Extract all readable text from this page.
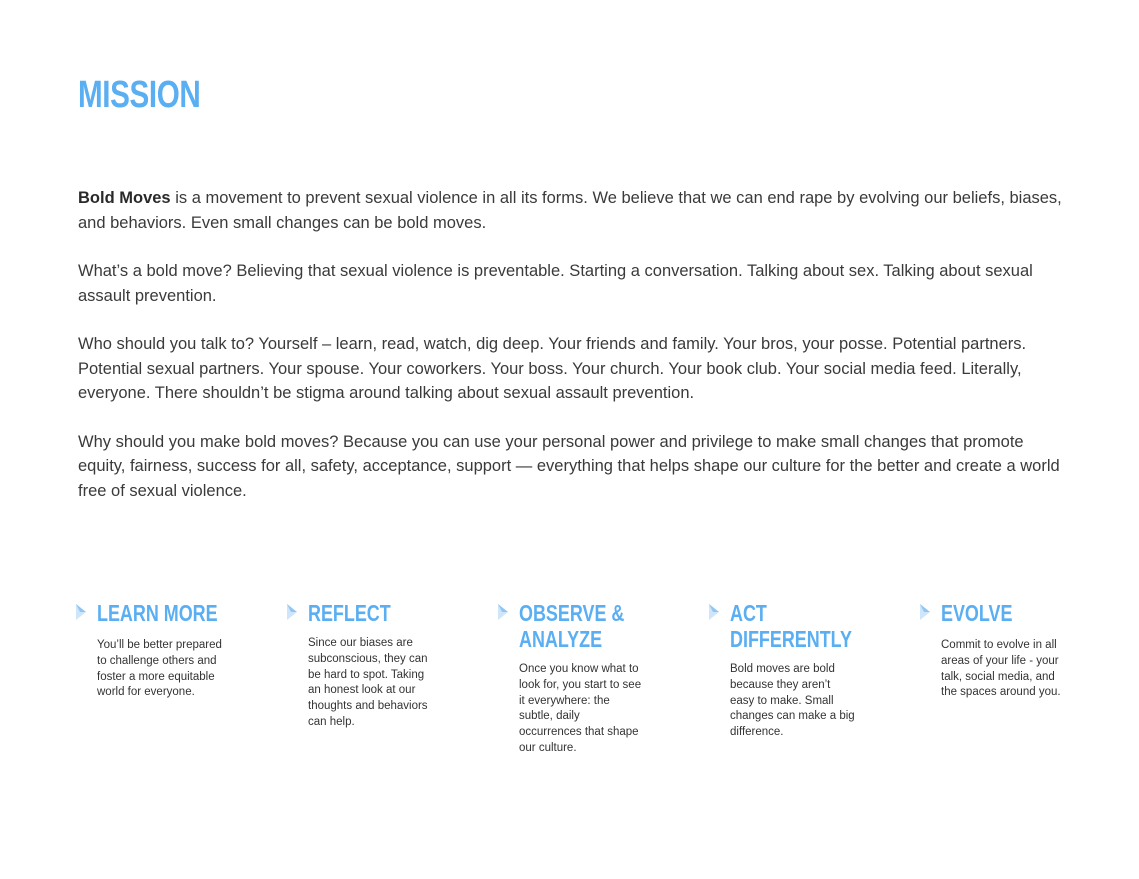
MISSION

Bold Moves is a movement to prevent sexual violence in all its forms. We believe that we can end rape by evolving our beliefs, biases, and behaviors. Even small changes can be bold moves.

What’s a bold move? Believing that sexual violence is preventable. Starting a conversation. Talking about sex. Talking about sexual assault prevention.

Who should you talk to? Yourself – learn, read, watch, dig deep. Your friends and family. Your bros, your posse. Potential partners. Potential sexual partners. Your spouse. Your coworkers. Your boss. Your church. Your book club. Your social media feed. Literally, everyone. There shouldn’t be stigma around talking about sexual assault prevention.

Why should you make bold moves? Because you can use your personal power and privilege to make small changes that promote equity, fairness, success for all, safety, acceptance, support — everything that helps shape our culture for the better and create a world free of sexual violence.

LEARN MORE
You’ll be better prepared to challenge others and foster a more equitable world for everyone.
REFLECT
Since our biases are subconscious, they can be hard to spot. Taking an honest look at our thoughts and behaviors can help.
OBSERVE &
ANALYZE
Once you know what to look for, you start to see it everywhere: the subtle, daily occurrences that shape our culture.
ACT
DIFFERENTLY
Bold moves are bold because they aren’t easy to make. Small changes can make a big difference.
EVOLVE
Commit to evolve in all areas of your life - your talk, social media, and the spaces around you.
